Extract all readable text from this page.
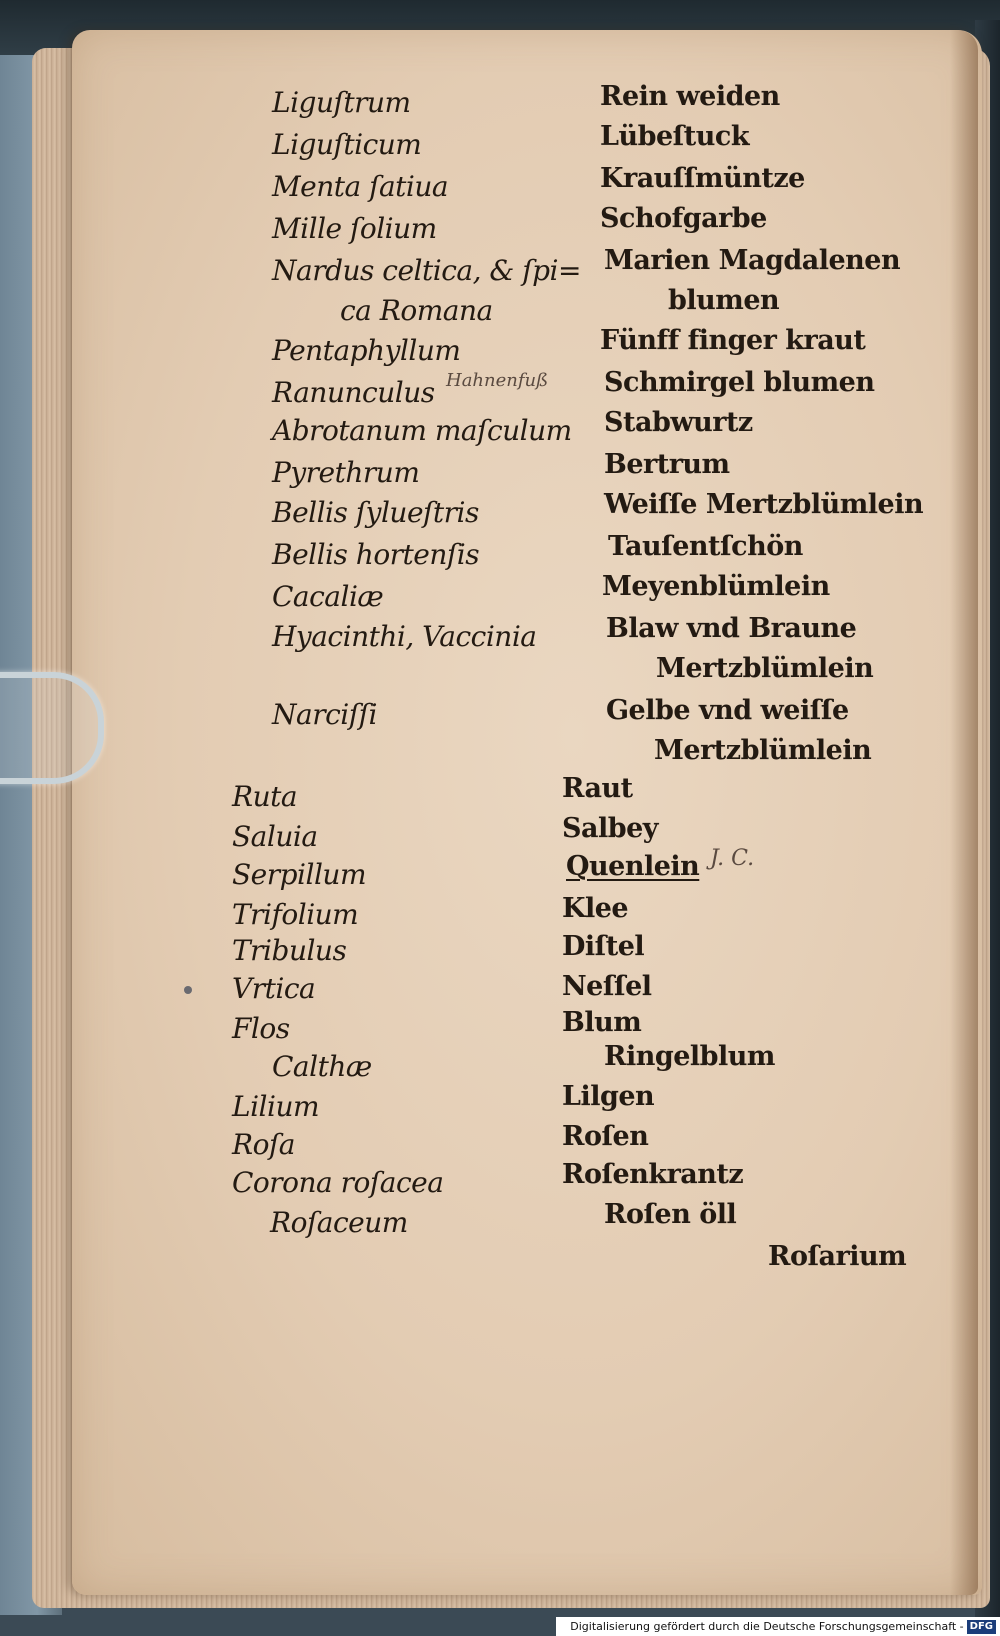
Liguſtrum
Liguſticum
Menta ſatiua
Mille ſolium
Nardus celtica, & ſpi=
ca Romana
Pentaphyllum
Ranunculus Hahnenfuß
Abrotanum maſculum
Pyrethrum
Bellis ſylueſtris
Bellis hortenſis
Cacaliæ
Hyacinthi, Vaccinia
Narciſſi
Ruta
Saluia
Serpillum
Trifolium
Tribulus
Vrtica
Flos
Calthæ
Lilium
Roſa
Corona roſacea
Roſaceum
Rein weiden
Lübeſtuck
Krauſſmüntze
Schofgarbe
Marien Magdalenen
blumen
Fünff finger kraut
Schmirgel blumen
Stabwurtz
Bertrum
Weiſſe Mertzblümlein
Tauſentſchön
Meyenblümlein
Blaw vnd Braune
Mertzblümlein
Gelbe vnd weiſſe
Mertzblümlein
Raut
Salbey
Quenlein J. C.
Klee
Diſtel
Neſſel
Blum
Ringelblum
Lilgen
Roſen
Roſenkrantz
Roſen öll
Roſarium
Digitalisierung gefördert durch die Deutsche Forschungsgemeinschaft - DFG
